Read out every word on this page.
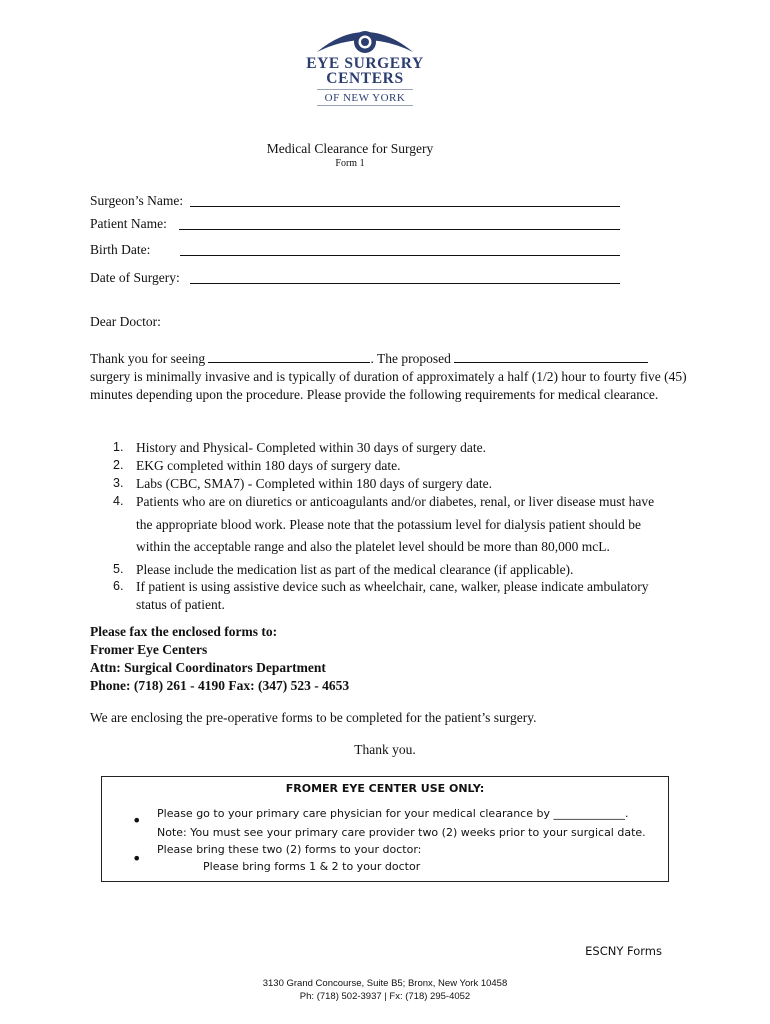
EYE SURGERY
CENTERS
OF NEW YORK
Medical Clearance for Surgery
Form 1
Surgeon’s Name:
Patient Name:
Birth Date:
Date of Surgery:
Dear Doctor:
Thank you for seeing	. The proposed  surgery is minimally invasive and is typically of duration of approximately a half (1/2) hour to fourty five (45) minutes depending upon the procedure. Please provide the following requirements for medical clearance.
1. History and Physical- Completed within 30 days of surgery date.
2. EKG completed within 180 days of surgery date.
3. Labs (CBC, SMA7) - Completed within 180 days of surgery date.
4. Patients who are on diuretics or anticoagulants and/or diabetes, renal, or liver disease must have
the appropriate blood work. Please note that the potassium level for dialysis patient should be
within the acceptable range and also the platelet level should be more than 80,000 mcL.
5. Please include the medication list as part of the medical clearance (if applicable).
6. If patient is using assistive device such as wheelchair, cane, walker, please indicate ambulatory
status of patient.
Please fax the enclosed forms to:
Fromer Eye Centers
Attn: Surgical Coordinators Department
Phone: (718) 261 - 4190 Fax: (347) 523 - 4653
We are enclosing the pre-operative forms to be completed for the patient’s surgery.
Thank you.
FROMER EYE CENTER USE ONLY:
• Please go to your primary care physician for your medical clearance by _____________.
Note: You must see your primary care provider two (2) weeks prior to your surgical date.
• Please bring these two (2) forms to your doctor:
Please bring forms 1 & 2 to your doctor
ESCNY Forms
3130 Grand Concourse, Suite B5; Bronx, New York 10458
Ph: (718) 502-3937 | Fx: (718) 295-4052
